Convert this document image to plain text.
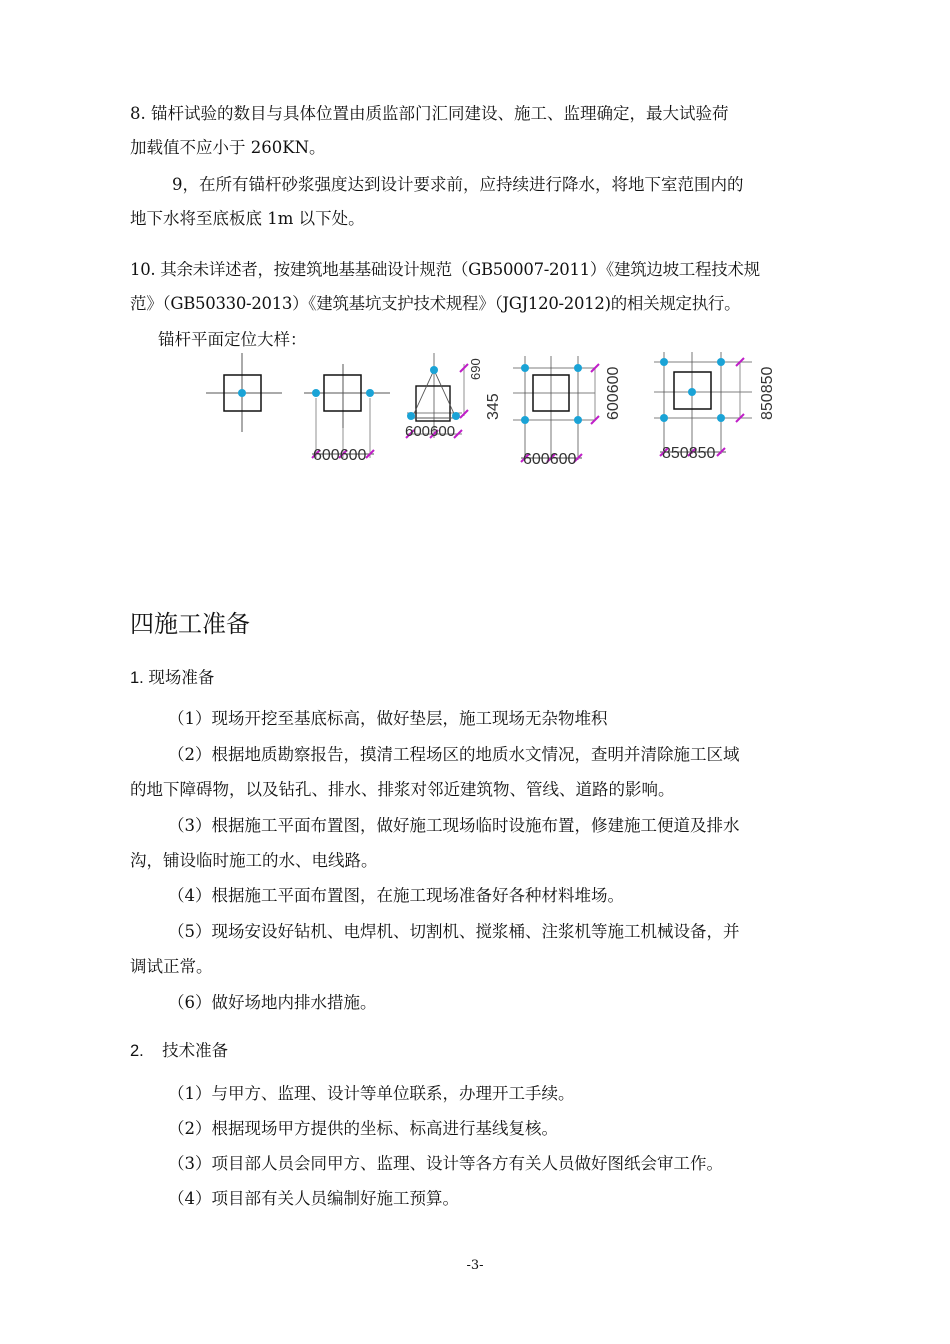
8. 锚杆试验的数目与具体位置由质监部门汇同建设、施工、监理确定，最大试验荷
加载值不应小于 260KN。
9，在所有锚杆砂浆强度达到设计要求前，应持续进行降水，将地下室范围内的
地下水将至底板底 1m 以下处。
10. 其余未详述者，按建筑地基基础设计规范（GB50007-2011）《建筑边坡工程技术规
范》（GB50330-2013）《建筑基坑支护技术规程》（JGJ120-2012)的相关规定执行。
锚杆平面定位大样：
600600
690
345
600600
600600
600600
850850
850850
四施工准备
1. 现场准备
（1）现场开挖至基底标高，做好垫层，施工现场无杂物堆积
（2）根据地质勘察报告，摸清工程场区的地质水文情况，查明并清除施工区域
的地下障碍物，以及钻孔、排水、排浆对邻近建筑物、管线、道路的影响。
（3）根据施工平面布置图，做好施工现场临时设施布置，修建施工便道及排水
沟，铺设临时施工的水、电线路。
（4）根据施工平面布置图，在施工现场准备好各种材料堆场。
（5）现场安设好钻机、电焊机、切割机、搅浆桶、注浆机等施工机械设备，并
调试正常。
（6）做好场地内排水措施。
2.    技术准备
（1）与甲方、监理、设计等单位联系，办理开工手续。
（2）根据现场甲方提供的坐标、标高进行基线复核。
（3）项目部人员会同甲方、监理、设计等各方有关人员做好图纸会审工作。
（4）项目部有关人员编制好施工预算。
-3-
